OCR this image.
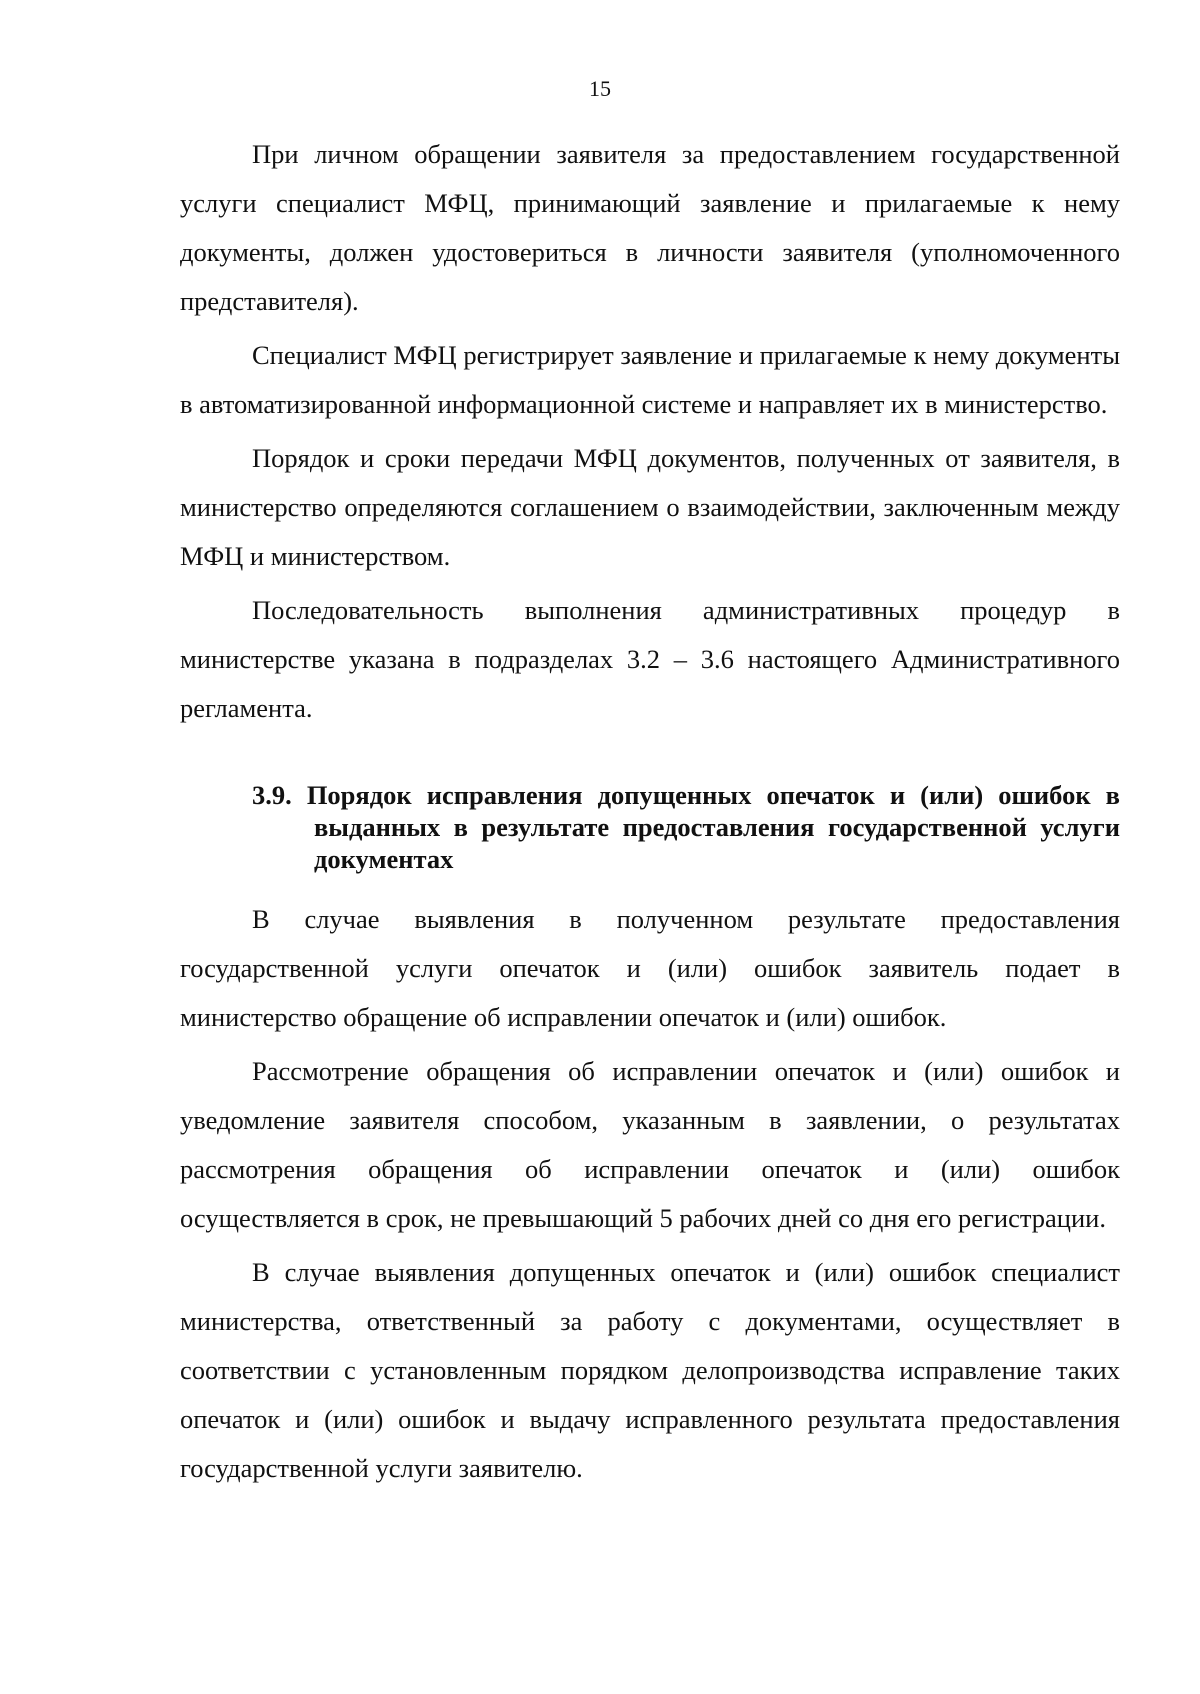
15

При личном обращении заявителя за предоставлением государственной услуги специалист МФЦ, принимающий заявление и прилагаемые к нему документы, должен удостовериться в личности заявителя (уполномоченного представителя).

Специалист МФЦ регистрирует заявление и прилагаемые к нему документы в автоматизированной информационной системе и направляет их в министерство.

Порядок и сроки передачи МФЦ документов, полученных от заявителя, в министерство определяются соглашением о взаимодействии, заключенным между МФЦ и министерством.

Последовательность выполнения административных процедур в министерстве указана в подразделах 3.2 – 3.6 настоящего Административного регламента.

3.9. Порядок исправления допущенных опечаток и (или) ошибок в выданных в результате предоставления государственной услуги документах

В случае выявления в полученном результате предоставления государственной услуги опечаток и (или) ошибок заявитель подает в министерство обращение об исправлении опечаток и (или) ошибок.

Рассмотрение обращения об исправлении опечаток и (или) ошибок и уведомление заявителя способом, указанным в заявлении, о результатах рассмотрения обращения об исправлении опечаток и (или) ошибок осуществляется в срок, не превышающий 5 рабочих дней со дня его регистрации.

В случае выявления допущенных опечаток и (или) ошибок специалист министерства, ответственный за работу с документами, осуществляет в соответствии с установленным порядком делопроизводства исправление таких опечаток и (или) ошибок и выдачу исправленного результата предоставления государственной услуги заявителю.
